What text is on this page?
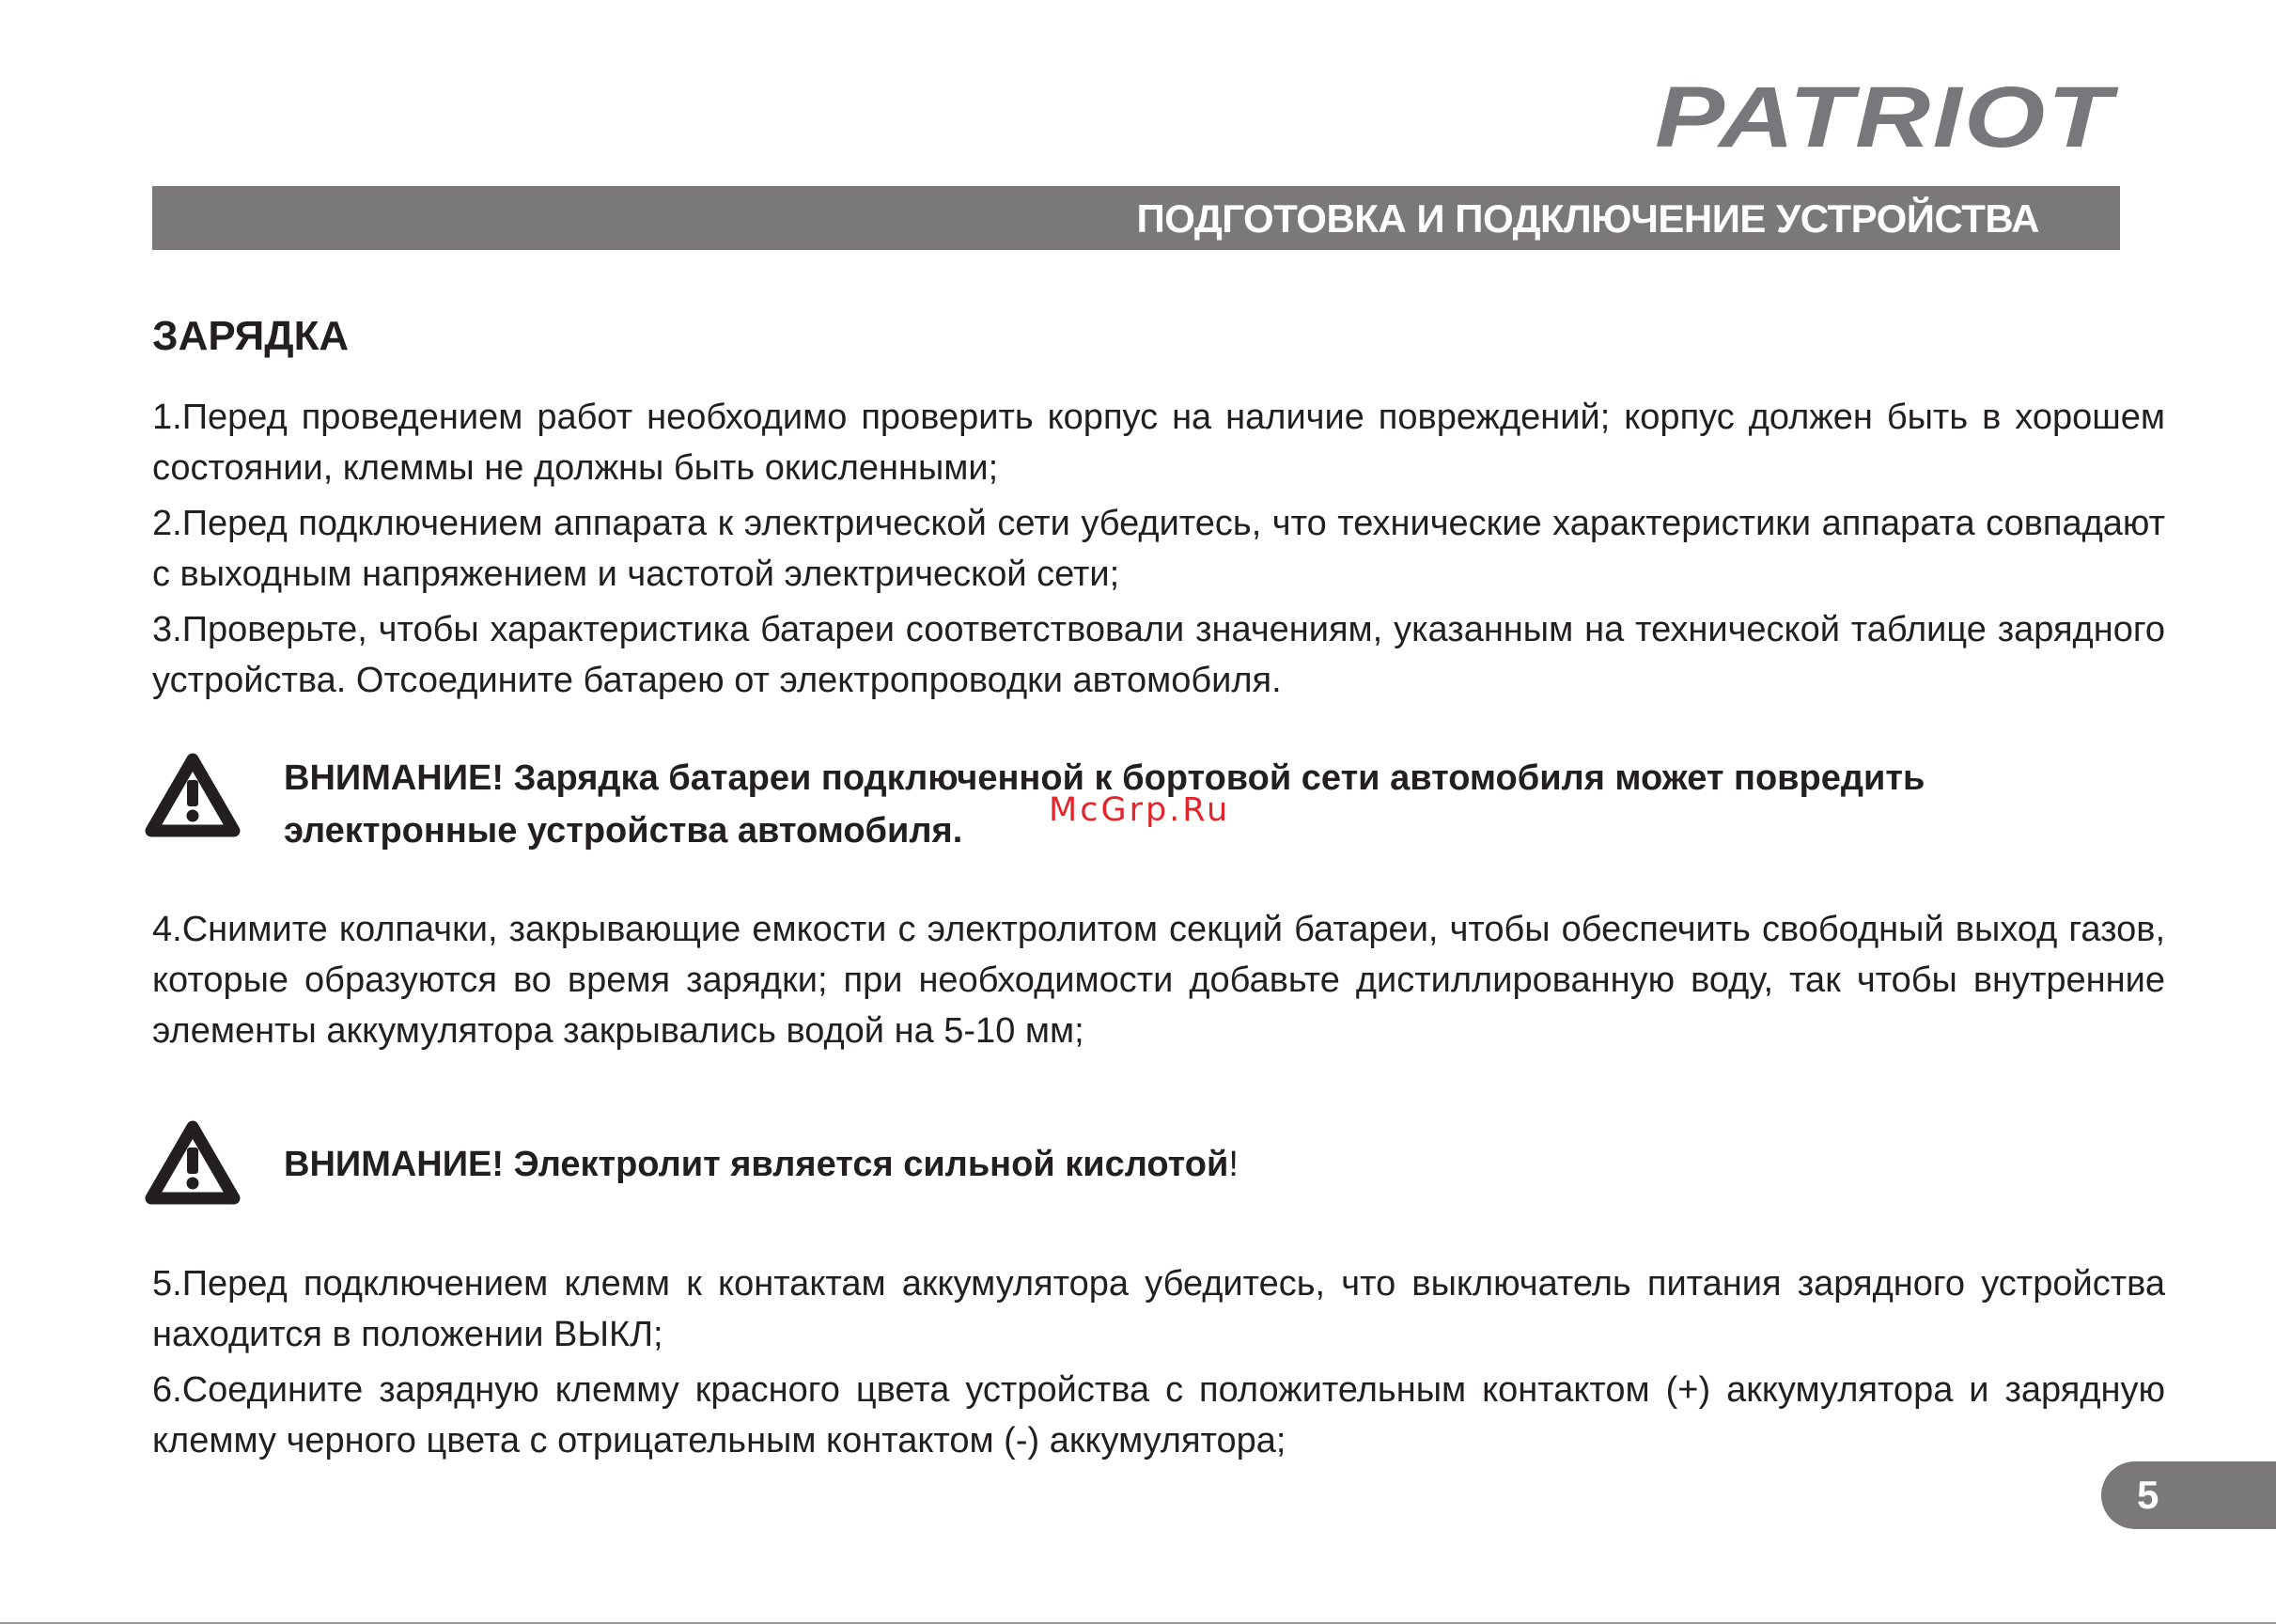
PATRIOT
ПОДГОТОВКА И ПОДКЛЮЧЕНИЕ УСТРОЙСТВА
ЗАРЯДКА

1.Перед проведением работ необходимо проверить корпус на наличие повреждений; корпус должен быть в хорошем состоянии, клеммы не должны быть окисленными;

2.Перед подключением аппарата к электрической сети убедитесь, что технические характеристики аппарата совпадают с выходным напряжением и частотой электрической сети;

3.Проверьте, чтобы характеристика батареи соответствовали значениям, указанным на технической таблице зарядного устройства. Отсоедините батарею от электропроводки автомобиля.

ВНИМАНИЕ! Зарядка батареи подключенной к бортовой сети автомобиля может повредить электронные устройства автомобиля.

McGrp.Ru

4.Снимите колпачки, закрывающие емкости с электролитом секций батареи, чтобы обеспечить свободный выход газов, которые образуются во время зарядки; при необходимости добавьте дистиллированную воду, так чтобы внутренние элементы аккумулятора закрывались водой на 5-10 мм;

ВНИМАНИЕ! Электролит является сильной кислотой!

5.Перед подключением клемм к контактам аккумулятора убедитесь, что выключатель питания зарядного устройства находится в положении ВЫКЛ;

6.Соедините зарядную клемму красного цвета устройства с положительным контактом (+) аккумулятора и зарядную клемму черного цвета с отрицательным контактом (-) аккумулятора;

5
